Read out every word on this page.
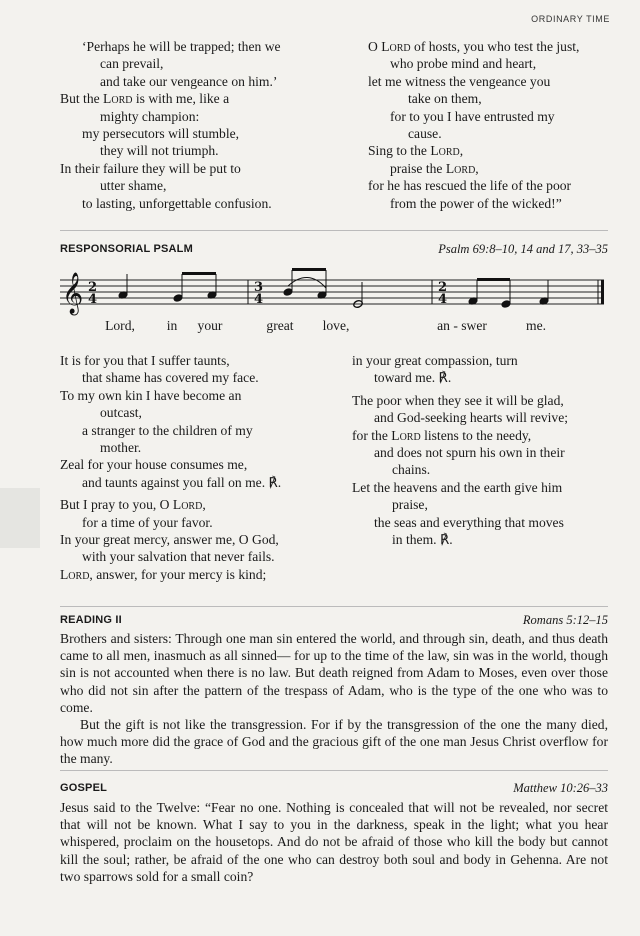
ORDINARY TIME
‘Perhaps he will be trapped; then we
can prevail,
and take our vengeance on him.’
But the Lord is with me, like a
mighty champion:
my persecutors will stumble,
they will not triumph.
In their failure they will be put to
utter shame,
to lasting, unforgettable confusion.
O Lord of hosts, you who test the just,
who probe mind and heart,
let me witness the vengeance you
take on them,
for to you I have entrusted my
cause.
Sing to the Lord,
praise the Lord,
for he has rescued the life of the poor
from the power of the wicked!”
RESPONSORIAL PSALM	Psalm 69:8–10, 14 and 17, 33–35
𝄞 2
4
3
4
2
4
Lord, in your	great love,	an - swer	me.
It is for you that I suffer taunts,
that shame has covered my face.
To my own kin I have become an
outcast,
a stranger to the children of my
mother.
Zeal for your house consumes me,
and taunts against you fall on me. ℟.

But I pray to you, O Lord,
for a time of your favor.
In your great mercy, answer me, O God,
with your salvation that never fails.
Lord, answer, for your mercy is kind;
in your great compassion, turn
toward me. ℟.

The poor when they see it will be glad,
and God-seeking hearts will revive;
for the Lord listens to the needy,
and does not spurn his own in their
chains.
Let the heavens and the earth give him
praise,
the seas and everything that moves
in them. ℟.
READING II	Romans 5:12–15

Brothers and sisters: Through one man sin entered the world, and through sin, death, and thus death came to all men, inasmuch as all sinned— for up to the time of the law, sin was in the world, though sin is not accounted when there is no law. But death reigned from Adam to Moses, even over those who did not sin after the pattern of the trespass of Adam, who is the type of the one who was to come.

But the gift is not like the transgression. For if by the transgression of the one the many died, how much more did the grace of God and the gracious gift of the one man Jesus Christ overflow for the many.

GOSPEL	Matthew 10:26–33

Jesus said to the Twelve: “Fear no one. Nothing is concealed that will not be revealed, nor secret that will not be known. What I say to you in the darkness, speak in the light; what you hear whispered, proclaim on the housetops. And do not be afraid of those who kill the body but cannot kill the soul; rather, be afraid of the one who can destroy both soul and body in Gehenna. Are not two sparrows sold for a small coin?
